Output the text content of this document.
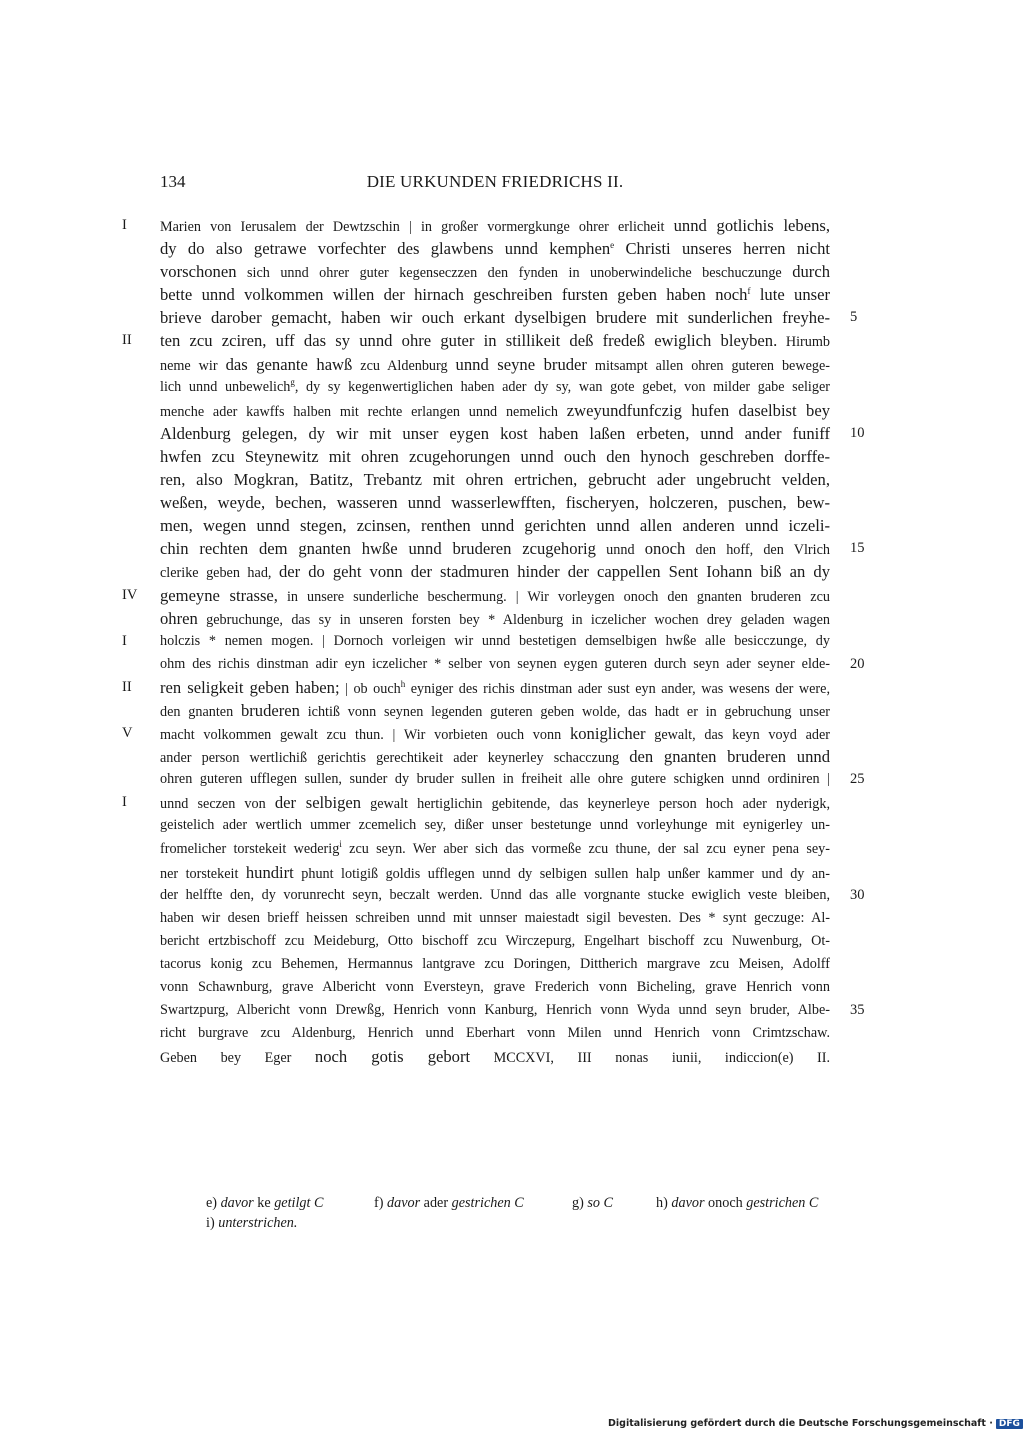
134	DIE URKUNDEN FRIEDRICHS II.
I	Marien von Ierusalem der Dewtzschin | in großer vormergkunge ohrer erlicheit unnd gotlichis lebens,
dy do also getrawe vorfechter des glawbens unnd kemphen$^e$ Christi unseres herren nicht
vorschonen sich unnd ohrer guter kegenseczzen den fynden in unoberwindeliche beschuczunge durch
bette unnd volkommen willen der hirnach geschreiben fursten geben haben noch$^f$ lute unser
brieve darober gemacht, haben wir ouch erkant dyselbigen brudere mit sunderlichen freyhe- 5
II	ten zcu zciren, uff das sy unnd ohre guter in stillikeit deß fredeß ewiglich bleyben. Hirumb
neme wir das genante hawß zcu Aldenburg unnd seyne bruder mitsampt allen ohren guteren bewege-
lich unnd unbewelich$^g$, dy sy kegenwertiglichen haben ader dy sy, wan gote gebet, von milder gabe seliger
menche ader kawffs halben mit rechte erlangen unnd nemelich zweyundfunfczig hufen daselbist bey
Aldenburg gelegen, dy wir mit unser eygen kost haben laßen erbeten, unnd ander funiff 10
hwfen zcu Steynewitz mit ohren zcugehorungen unnd ouch den hynoch geschreben dorffe-
ren, also Mogkran, Batitz, Trebantz mit ohren ertrichen, gebrucht ader ungebrucht velden,
weßen, weyde, bechen, wasseren unnd wasserlewfften, fischeryen, holczeren, puschen, bew-
men, wegen unnd stegen, zcinsen, renthen unnd gerichten unnd allen anderen unnd iczeli-
chin rechten dem gnanten hwße unnd bruderen zcugehorig unnd onoch den hoff, den Vlrich 15
clerike geben had, der do geht vonn der stadmuren hinder der cappellen Sent Iohann biß an dy
IV	gemeyne strasse, in unsere sunderliche beschermung. | Wir vorleygen onoch den gnanten bruderen zcu
ohren gebruchunge, das sy in unseren forsten bey * Aldenburg in iczelicher wochen drey geladen wagen
I	holczis * nemen mogen. | Dornoch vorleigen wir unnd bestetigen demselbigen hwße alle besicczunge, dy
ohm des richis dinstman adir eyn iczelicher * selber von seynen eygen guteren durch seyn ader seyner elde- 20
II	ren seligkeit geben haben; | ob ouch$^h$ eyniger des richis dinstman ader sust eyn ander, was wesens der were,
den gnanten bruderen ichtiß vonn seynen legenden guteren geben wolde, das hadt er in gebruchung unser
V	macht volkommen gewalt zcu thun. | Wir vorbieten ouch vonn koniglicher gewalt, das keyn voyd ader
ander person wertlichiß gerichtis gerechtikeit ader keynerley schacczung den gnanten bruderen unnd
ohren guteren ufflegen sullen, sunder dy bruder sullen in freiheit alle ohre gutere schigken unnd ordiniren | 25
I	unnd seczen von der selbigen gewalt hertiglichin gebitende, das keynerleye person hoch ader nyderigk,
geistelich ader wertlich ummer zcemelich sey, dißer unser bestetunge unnd vorleyhunge mit eynigerley un-
fromelicher torstekeit wederig$^i$ zcu seyn. Wer aber sich das vormeße zcu thune, der sal zcu eyner pena sey-
ner torstekeit hundirt phunt lotigiß goldis ufflegen unnd dy selbigen sullen halp unßer kammer und dy an-
der helffte den, dy vorunrecht seyn, beczalt werden. Unnd das alle vorgnante stucke ewiglich veste bleiben, 30
haben wir desen brieff heissen schreiben unnd mit unnser maiestadt sigil bevesten. Des * synt geczuge: Al-
bericht ertzbischoff zcu Meideburg, Otto bischoff zcu Wirczepurg, Engelhart bischoff zcu Nuwenburg, Ot-
tacorus konig zcu Behemen, Hermannus lantgrave zcu Doringen, Dittherich margrave zcu Meisen, Adolff
vonn Schawnburg, grave Albericht vonn Eversteyn, grave Frederich vonn Bicheling, grave Henrich vonn
Swartzpurg, Albericht vonn Drewßg, Henrich vonn Kanburg, Henrich vonn Wyda unnd seyn bruder, Albe- 35
richt burgrave zcu Aldenburg, Henrich unnd Eberhart vonn Milen unnd Henrich vonn Crimtzschaw.
Geben bey Eger noch gotis gebort MCCXVI, III nonas iunii, indiccion(e) II.
e) davor ke getilgt C	f) davor ader gestrichen C	g) so C	h) davor onoch gestrichen C
i) unterstrichen.
Digitalisierung gefördert durch die Deutsche Forschungsgemeinschaft · DFG
